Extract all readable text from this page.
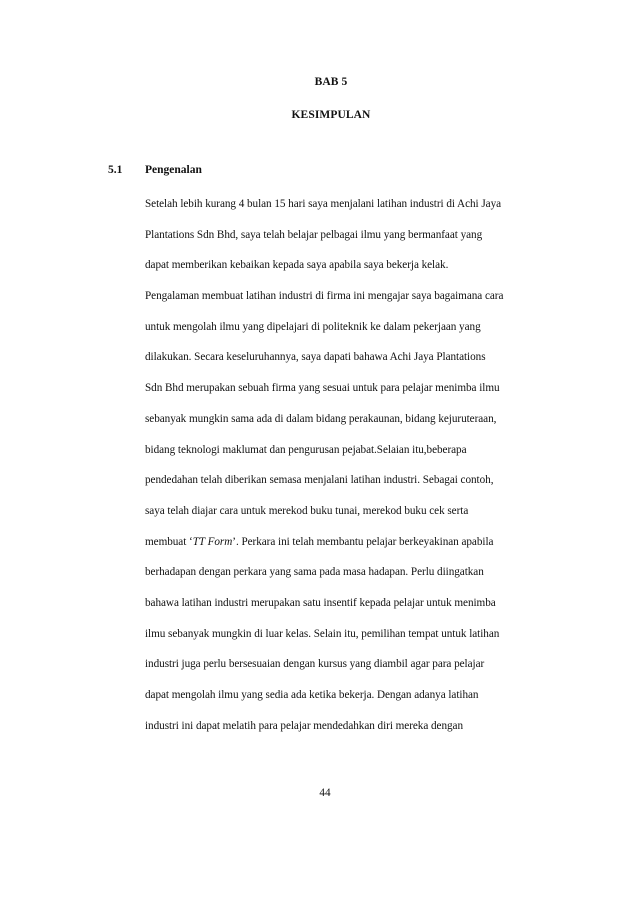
BAB 5
KESIMPULAN
5.1 Pengenalan
Setelah lebih kurang 4 bulan 15 hari saya menjalani latihan industri di Achi Jaya
Plantations Sdn Bhd, saya telah belajar pelbagai ilmu yang bermanfaat yang
dapat memberikan kebaikan kepada saya apabila saya bekerja kelak.
Pengalaman membuat latihan industri di firma ini mengajar saya bagaimana cara
untuk mengolah ilmu yang dipelajari di politeknik ke dalam pekerjaan yang
dilakukan. Secara keseluruhannya, saya dapati bahawa Achi Jaya Plantations
Sdn Bhd merupakan sebuah firma yang sesuai untuk para pelajar menimba ilmu
sebanyak mungkin sama ada di dalam bidang perakaunan, bidang kejuruteraan,
bidang teknologi maklumat dan pengurusan pejabat.Selaian itu,beberapa
pendedahan telah diberikan semasa menjalani latihan industri. Sebagai contoh,
saya telah diajar cara untuk merekod buku tunai, merekod buku cek serta
membuat ‘TT Form’. Perkara ini telah membantu pelajar berkeyakinan apabila
berhadapan dengan perkara yang sama pada masa hadapan. Perlu diingatkan
bahawa latihan industri merupakan satu insentif kepada pelajar untuk menimba
ilmu sebanyak mungkin di luar kelas. Selain itu, pemilihan tempat untuk latihan
industri juga perlu bersesuaian dengan kursus yang diambil agar para pelajar
dapat mengolah ilmu yang sedia ada ketika bekerja. Dengan adanya latihan
industri ini dapat melatih para pelajar mendedahkan diri mereka dengan
44
